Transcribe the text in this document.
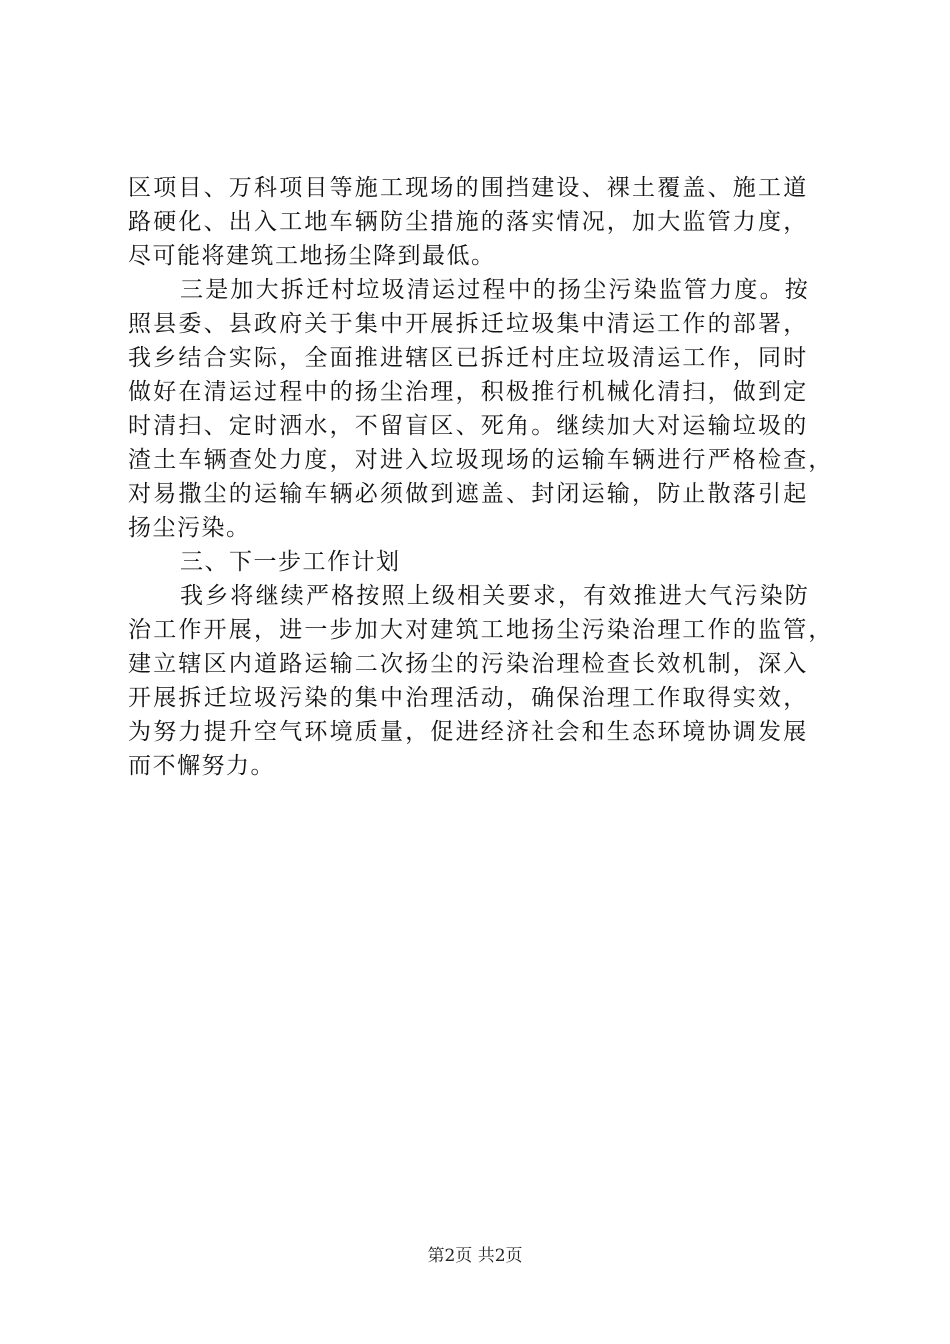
区项目、万科项目等施工现场的围挡建设、裸土覆盖、施工道
路硬化、出入工地车辆防尘措施的落实情况，加大监管力度，
尽可能将建筑工地扬尘降到最低。
三是加大拆迁村垃圾清运过程中的扬尘污染监管力度。按
照县委、县政府关于集中开展拆迁垃圾集中清运工作的部署，
我乡结合实际，全面推进辖区已拆迁村庄垃圾清运工作，同时
做好在清运过程中的扬尘治理，积极推行机械化清扫，做到定
时清扫、定时洒水，不留盲区、死角。继续加大对运输垃圾的
渣土车辆查处力度，对进入垃圾现场的运输车辆进行严格检查，
对易撒尘的运输车辆必须做到遮盖、封闭运输，防止散落引起
扬尘污染。
三、下一步工作计划
我乡将继续严格按照上级相关要求，有效推进大气污染防
治工作开展，进一步加大对建筑工地扬尘污染治理工作的监管，
建立辖区内道路运输二次扬尘的污染治理检查长效机制，深入
开展拆迁垃圾污染的集中治理活动，确保治理工作取得实效，
为努力提升空气环境质量，促进经济社会和生态环境协调发展
而不懈努力。
第2页 共2页
